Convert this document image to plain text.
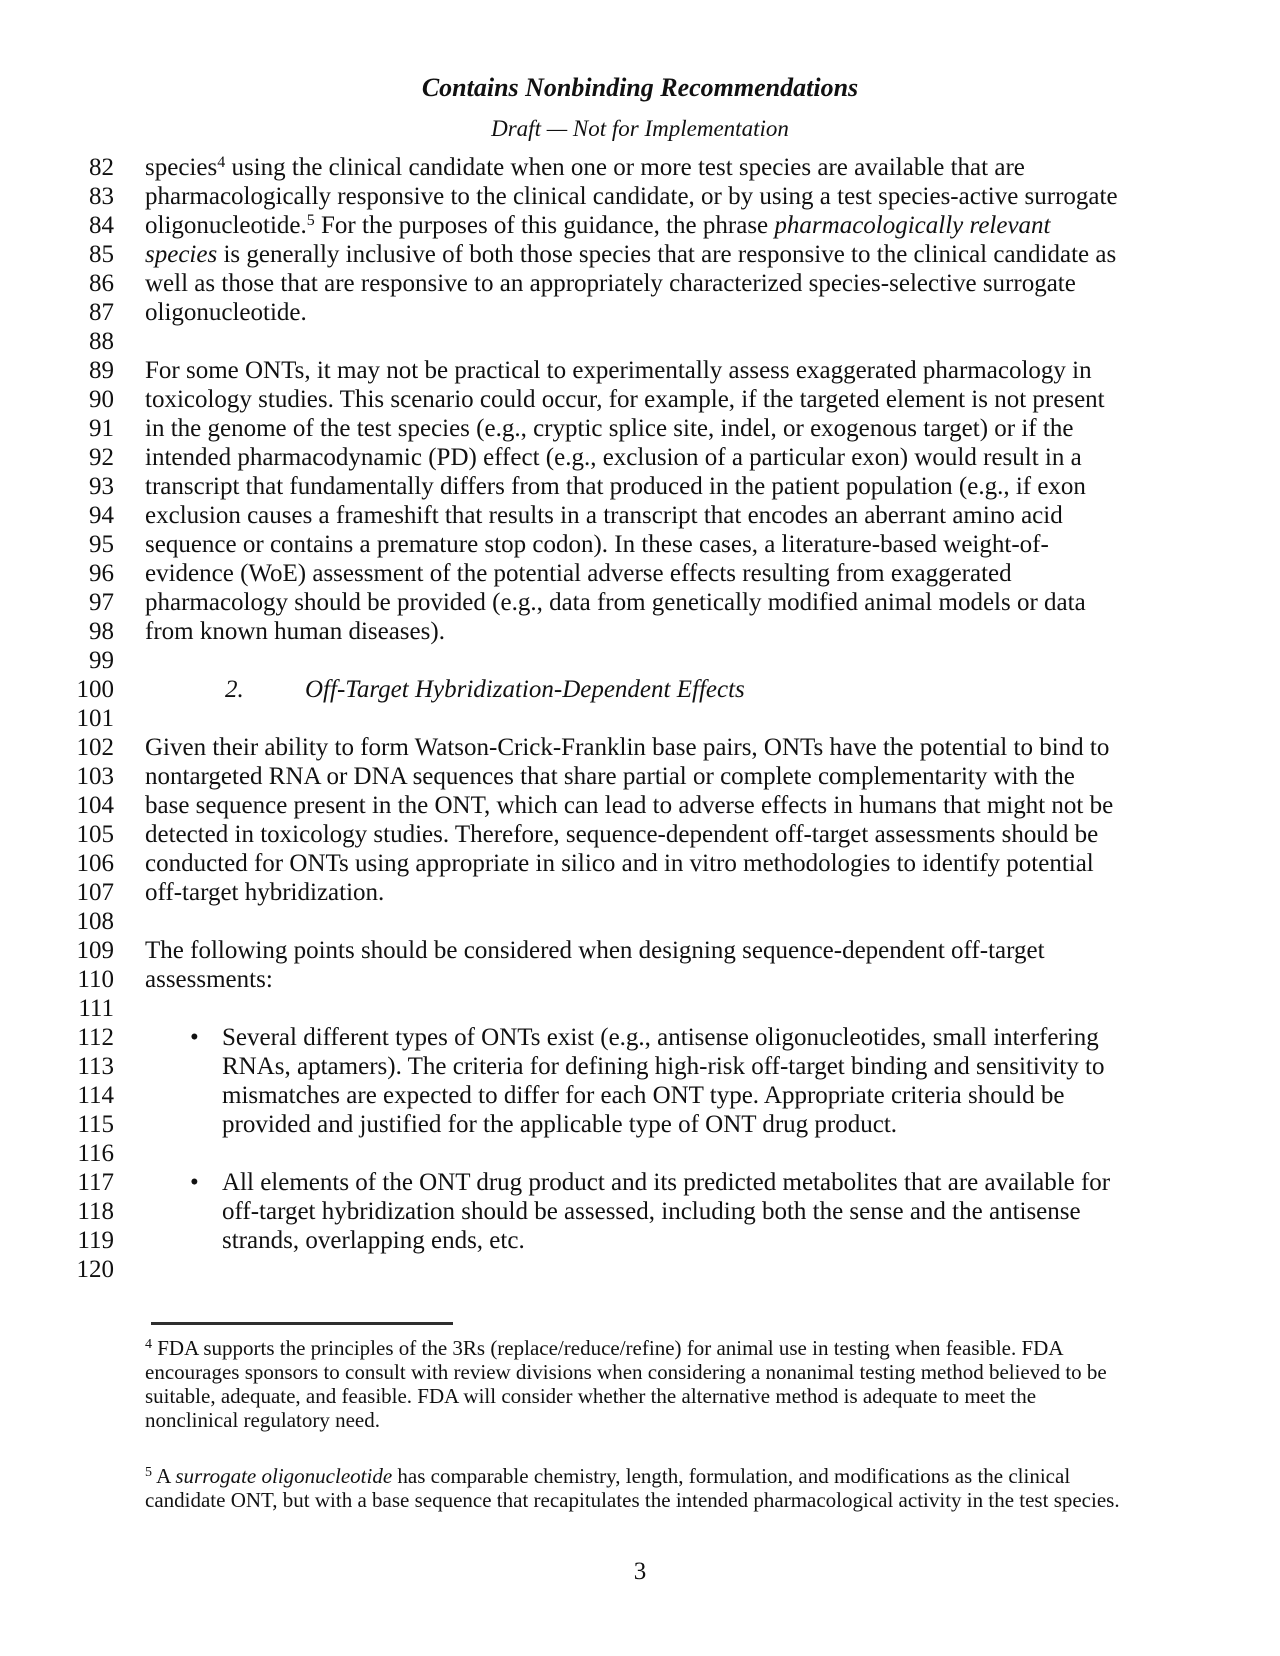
Contains Nonbinding Recommendations
Draft — Not for Implementation
82 species$^4$ using the clinical candidate when one or more test species are available that are
83 pharmacologically responsive to the clinical candidate, or by using a test species-active surrogate
84 oligonucleotide.$^5$ For the purposes of this guidance, the phrase pharmacologically relevant
85 species is generally inclusive of both those species that are responsive to the clinical candidate as
86 well as those that are responsive to an appropriately characterized species-selective surrogate
87 oligonucleotide.
88
89 For some ONTs, it may not be practical to experimentally assess exaggerated pharmacology in
90 toxicology studies. This scenario could occur, for example, if the targeted element is not present
91 in the genome of the test species (e.g., cryptic splice site, indel, or exogenous target) or if the
92 intended pharmacodynamic (PD) effect (e.g., exclusion of a particular exon) would result in a
93 transcript that fundamentally differs from that produced in the patient population (e.g., if exon
94 exclusion causes a frameshift that results in a transcript that encodes an aberrant amino acid
95 sequence or contains a premature stop codon). In these cases, a literature-based weight-of-
96 evidence (WoE) assessment of the potential adverse effects resulting from exaggerated
97 pharmacology should be provided (e.g., data from genetically modified animal models or data
98 from known human diseases).
99
100	2. Off-Target Hybridization-Dependent Effects
101
102 Given their ability to form Watson-Crick-Franklin base pairs, ONTs have the potential to bind to
103 nontargeted RNA or DNA sequences that share partial or complete complementarity with the
104 base sequence present in the ONT, which can lead to adverse effects in humans that might not be
105 detected in toxicology studies. Therefore, sequence-dependent off-target assessments should be
106 conducted for ONTs using appropriate in silico and in vitro methodologies to identify potential
107 off-target hybridization.
108
109 The following points should be considered when designing sequence-dependent off-target
110 assessments:
111
112	• Several different types of ONTs exist (e.g., antisense oligonucleotides, small interfering
113	RNAs, aptamers). The criteria for defining high-risk off-target binding and sensitivity to
114	mismatches are expected to differ for each ONT type. Appropriate criteria should be
115	provided and justified for the applicable type of ONT drug product.
116
117	• All elements of the ONT drug product and its predicted metabolites that are available for
118	off-target hybridization should be assessed, including both the sense and the antisense
119	strands, overlapping ends, etc.
120
$^4$ FDA supports the principles of the 3Rs (replace/reduce/refine) for animal use in testing when feasible. FDA
encourages sponsors to consult with review divisions when considering a nonanimal testing method believed to be
suitable, adequate, and feasible. FDA will consider whether the alternative method is adequate to meet the
nonclinical regulatory need.
$^5$ A surrogate oligonucleotide has comparable chemistry, length, formulation, and modifications as the clinical
candidate ONT, but with a base sequence that recapitulates the intended pharmacological activity in the test species.
3
